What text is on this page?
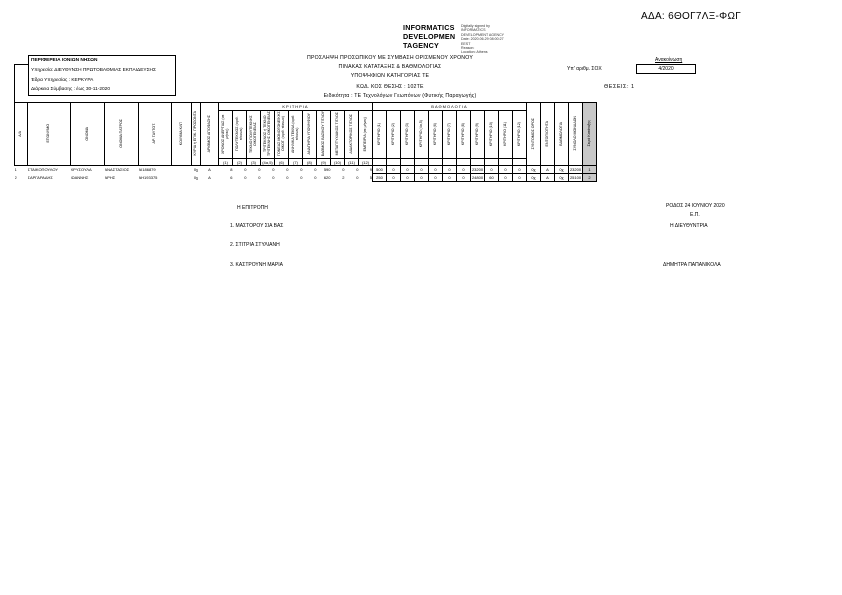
ΑΔΑ: 6ΘΟΓ7ΛΞ-ΦΩΓ
INFORMATICS
DEVELOPMEN
TAGENCY
Digitally signed by
INFORMATICS
DEVELOPMENT AGENCY
Date: 2020.06.29 08:00:27
EEST
Reason:
Location: Athens
ΠΕΡΙΦΕΡΕΙΑ ΙΟΝΙΩΝ ΝΗΣΩΝ
Υπηρεσία: ΔΙΕΥΘΥΝΣΗ ΠΡΩΤΟΒΑΘΜΙΑΣ ΕΚΠΑΙΔΕΥΣΗΣ
Έδρα Υπηρεσίας : ΚΕΡΚΥΡΑ
Διάρκεια Σύμβασης : έως 30-11-2020
ΠΡΟΣΛΗΨΗ ΠΡΟΣΩΠΙΚΟΥ ΜΕ ΣΥΜΒΑΣΗ ΟΡΙΣΜΕΝΟΥ ΧΡΟΝΟΥ
ΠΙΝΑΚΑΣ ΚΑΤΑΤΑΞΗΣ & ΒΑΘΜΟΛΟΓΙΑΣ
ΥΠΟΨΗΦΙΩΝ ΚΑΤΗΓΟΡΙΑΣ ΤΕ
ΚΩΔ. ΚΟΣ ΘΕΣΗΣ : 102ΤΕ
Ειδικότητα : ΤΕ Τεχνολόγων Γεωπόνων (Φυτικής Παραγωγής)
Ανακοίνωση
Υπ' αριθμ. ΣΟΧ	4/2020
ΘΕΣΕΙΣ: 1
Α/Α	ΕΠΩΝΥΜΟ	ΟΝΟΜΑ	ΟΝΟΜΑ ΠΑΤΡΟΣ	ΑΡ. ΤΑΥΤΟΤ.	ΚΩΛΥΜΑ ΚΛΠ	ΚΥΡΙΑ ή ΕΠΙΚ. ΠΡΟΣΟΝΤΑ	ΑΡΙΘΜΟΣ ΑΠΟΦΑΣΗΣ	ΚΡΙΤΗΡΙΑ											ΒΑΘΜΟΛΟΓΙΑ											ΣΥΝΤΟΜΟΣ ΟΡΟΣ	ΕΝΤΟΠΙΟΤΗΤΑ	ΒΑΘΜΟΛΟΓΙΑ	ΣΥΝΟΛΟ ΜΟΝΑΔΩΝ	Σειρά Κατάταξης
								ΧΡΟΝΟΣ ΑΝΕΡΓΙΑΣ (σε μήνες)	ΠΟΛΥΤΕΚΝΟΣ (αριθ. τέκνων)	ΤΕΚΝΟ ΠΟΛΥΤΕΚΝΗΣ ΟΙΚΟΓΕΝΕΙΑΣ	ΤΡΙΤΕΚΝΟΣ ή ΤΕΚΝΟ ΤΡΙΤΕΚΝΗΣ ΟΙΚΟΓΕΝΕΙΑΣ	ΓΟΝΕΑΣ ΜΟΝΟΓΟΝΕΪΚΗΣ ΟΙΚΟΓ. (αριθ. τέκνων)	ΑΝΗΛΙΚΑ ΤΕΚΝΑ (αριθ. τέκνων)	ΑΝΑΠΗΡΙΑ ΥΠΟΨΗΦΙΟΥ	ΒΑΘΜΟΣ ΒΑΣΙΚΟΥ ΤΙΤΛΟΥ	ΜΕΤΑΠΤΥΧΙΑΚΟΣ ΤΙΤΛΟΣ	ΔΙΔΑΚΤΟΡΙΚΟΣ ΤΙΤΛΟΣ	ΕΜΠΕΙΡΙΑ (σε μήνες)	ΚΡΙΤΗΡΙΟ (1)	ΚΡΙΤΗΡΙΟ (2)	ΚΡΙΤΗΡΙΟ (3)	ΚΡΙΤΗΡΙΟ (4α,5)	ΚΡΙΤΗΡΙΟ (6)	ΚΡΙΤΗΡΙΟ (7)	ΚΡΙΤΗΡΙΟ (8)	ΚΡΙΤΗΡΙΟ (9)	ΚΡΙΤΗΡΙΟ (10)	ΚΡΙΤΗΡΙΟ (11)	ΚΡΙΤΗΡΙΟ (12)					
								(1)	(2)	(3)	(4α,5)	(6)	(7)	(8)	(9)	(10)	(11)	(12)																
1	ΣΤΑΙΚΟΠΟΥΛΟΥ	ΧΡΥΣΟΥΛΑ	ΑΝΑΣΤΑΣΙΟΣ	ΑΙ186879		0χ	Α	8	0	0	0	0	0	0	590	0	0	9	500	0	0	0	0	0	0	23200	0	0	0	0χ	Α	0χ	23200	1
2	ΣΑΡΓΑΡΑΔΗΣ	ΙΩΑΝΝΗΣ	ΑΡΗΣ	ΑΗ193375		0χ	Α	6	0	0	0	0	0	0	620	2	0	5	250	0	0	0	0	0	0	24800	60	0	0	0χ	Α	0χ	25100	2
Η ΕΠΙΤΡΟΠΗ
1. ΜΑΣΤΟΡΟΥ ΣΙΑ ΒΑΣ
2. ΣΤΙΤΡΙΑ ΣΤΥΛΙΑΝΗ
3. ΚΑΣΤΡΟΥΝΗ ΜΑΡΙΑ
ΡΟΔΟΣ 24 ΙΟΥΝΙΟΥ 2020
Ε.Π.
Η ΔΙΕΥΘΥΝΤΡΙΑ
ΔΗΜΗΤΡΑ ΠΑΠΑΝΙΚΟΛΑ
